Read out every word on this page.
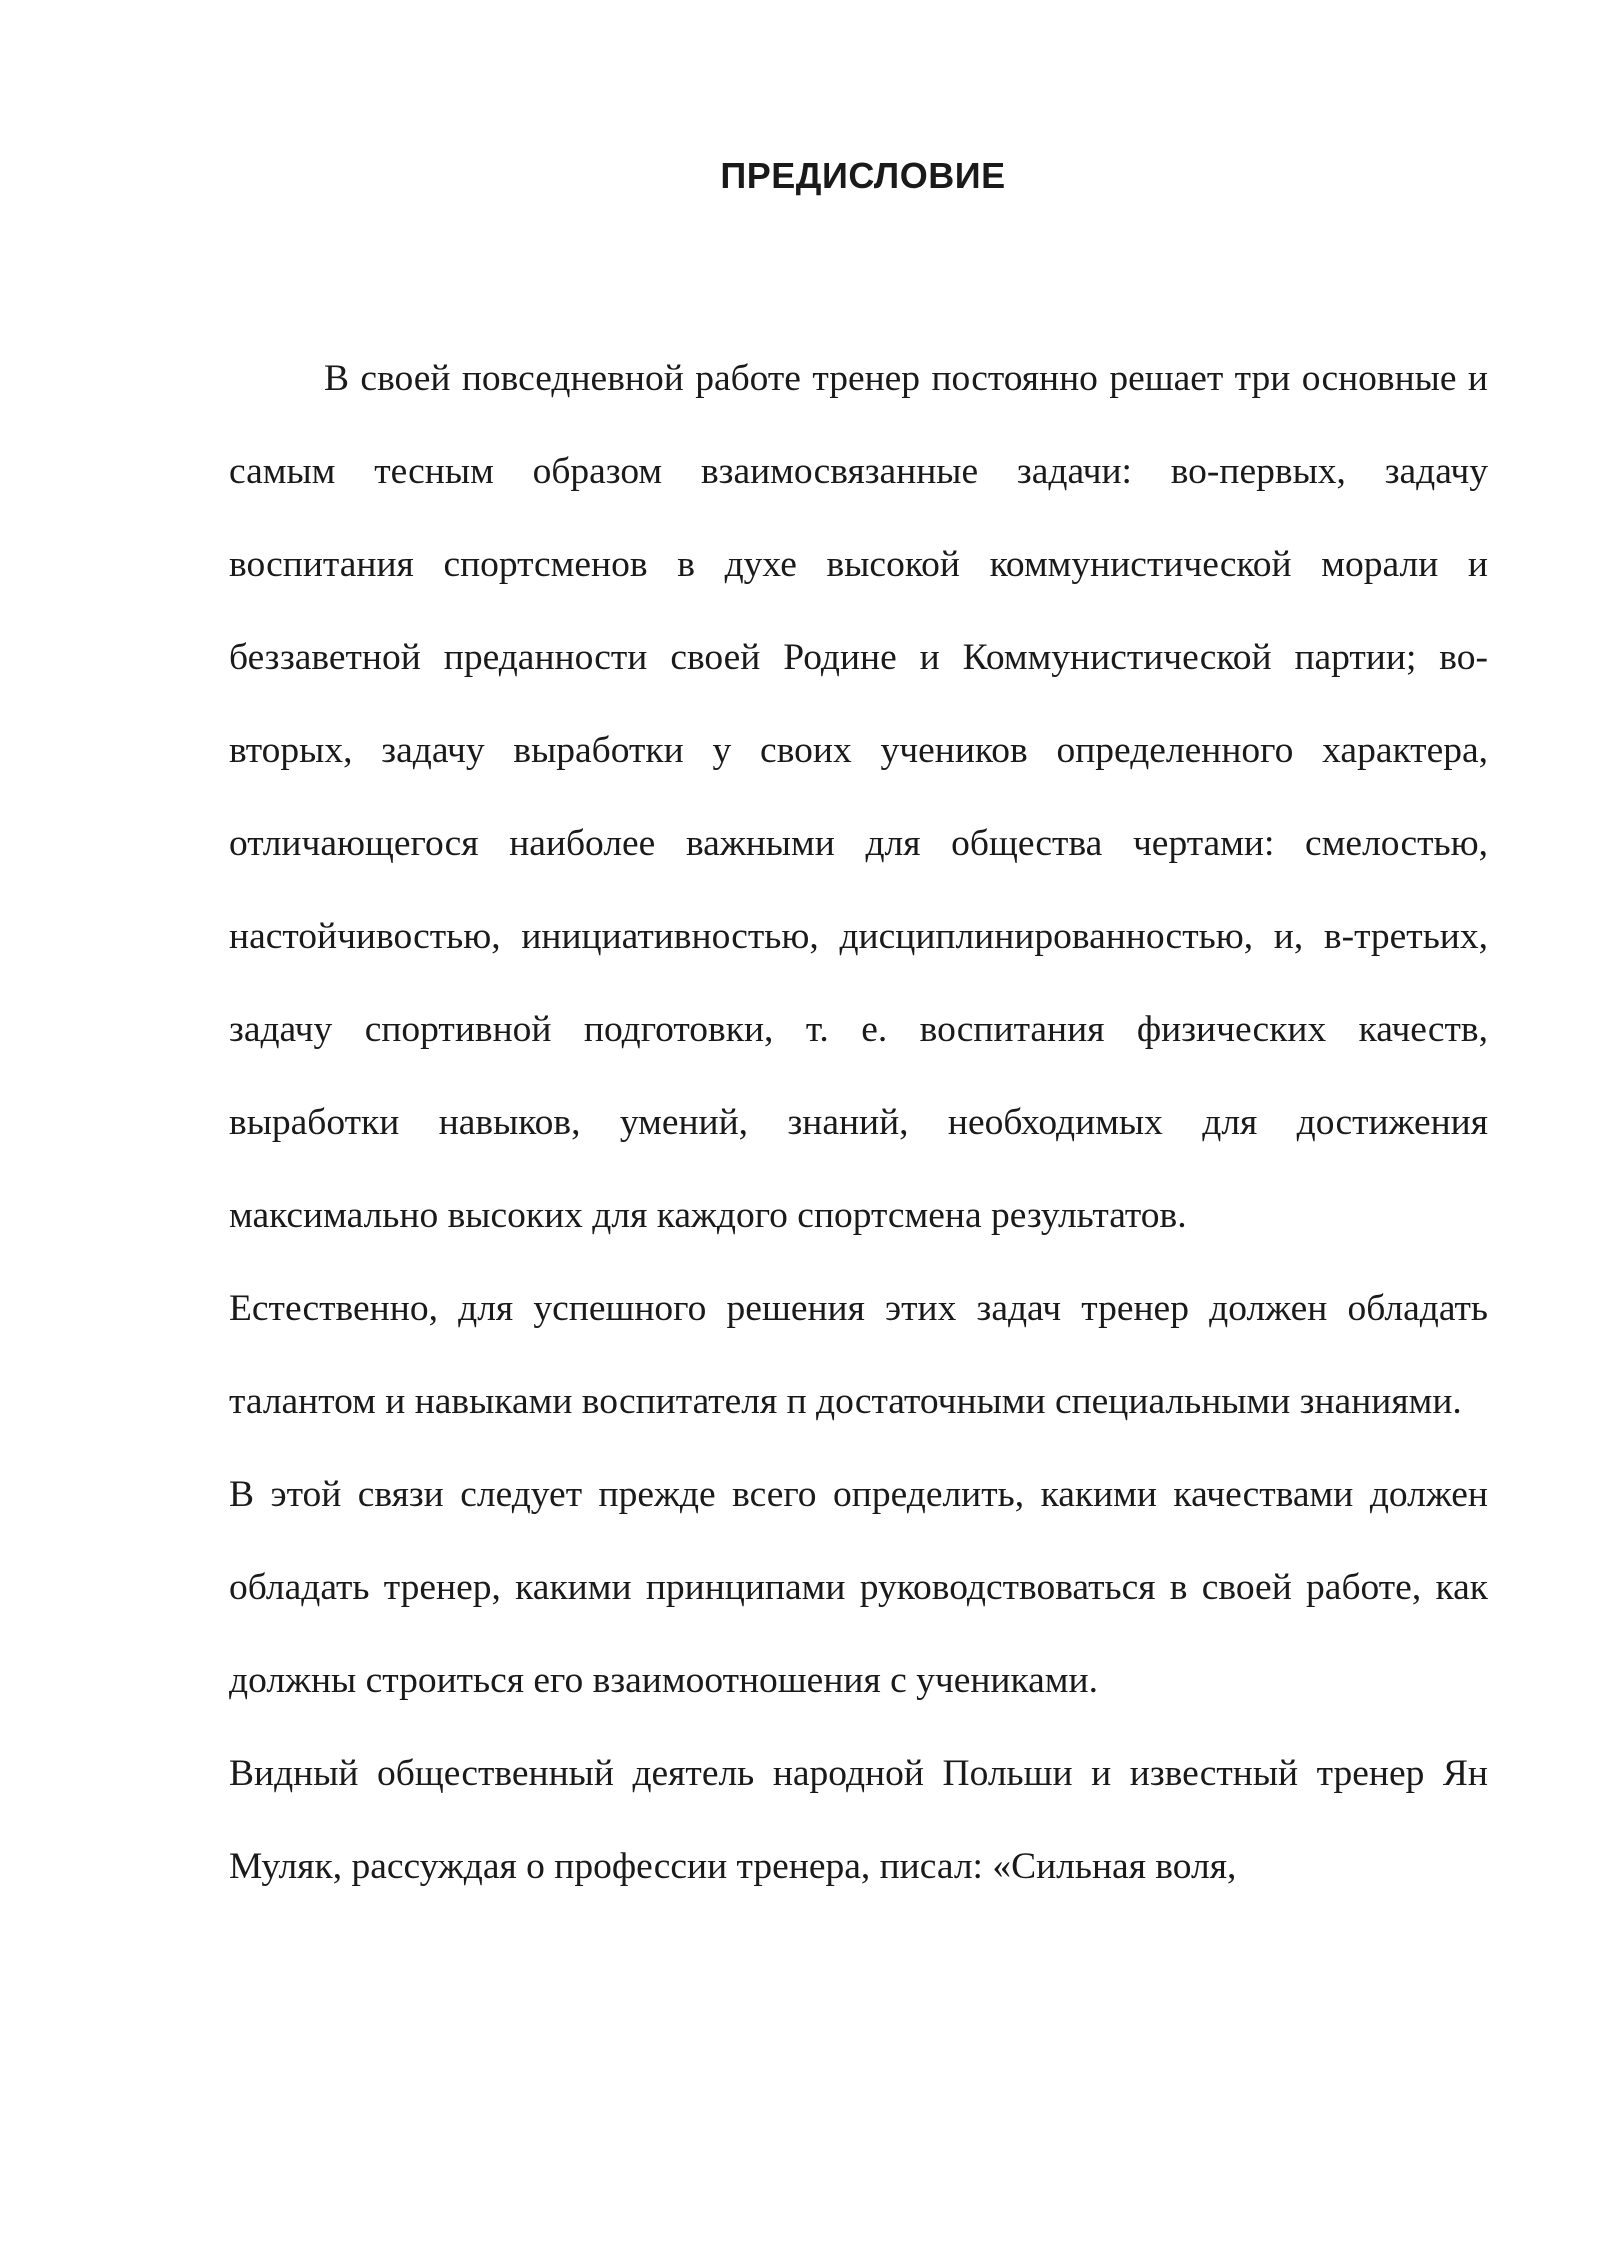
ПРЕДИСЛОВИЕ

В своей повседневной работе тренер постоянно решает три основные и самым тесным образом взаимосвязанные задачи: во-первых, задачу воспитания спортсменов в духе высокой коммунистической морали и беззаветной преданности своей Родине и Коммунистической партии; во-вторых, задачу выработки у своих учеников определенного характера, отличающегося наиболее важными для общества чертами: смелостью, настойчивостью, инициативностью, дисциплинированностью, и, в-третьих, задачу спортивной подготовки, т. е. воспитания физических качеств, выработки навыков, умений, знаний, необходимых для достижения максимально высоких для каждого спортсмена результатов.

Естественно, для успешного решения этих задач тренер должен обладать талантом и навыками воспитателя п достаточными специальными знаниями.

В этой связи следует прежде всего определить, какими качествами должен обладать тренер, какими принципами руководствоваться в своей работе, как должны строиться его взаимоотношения с учениками.

Видный общественный деятель народной Польши и известный тренер Ян Муляк, рассуждая о профессии тренера, писал: «Сильная воля,
